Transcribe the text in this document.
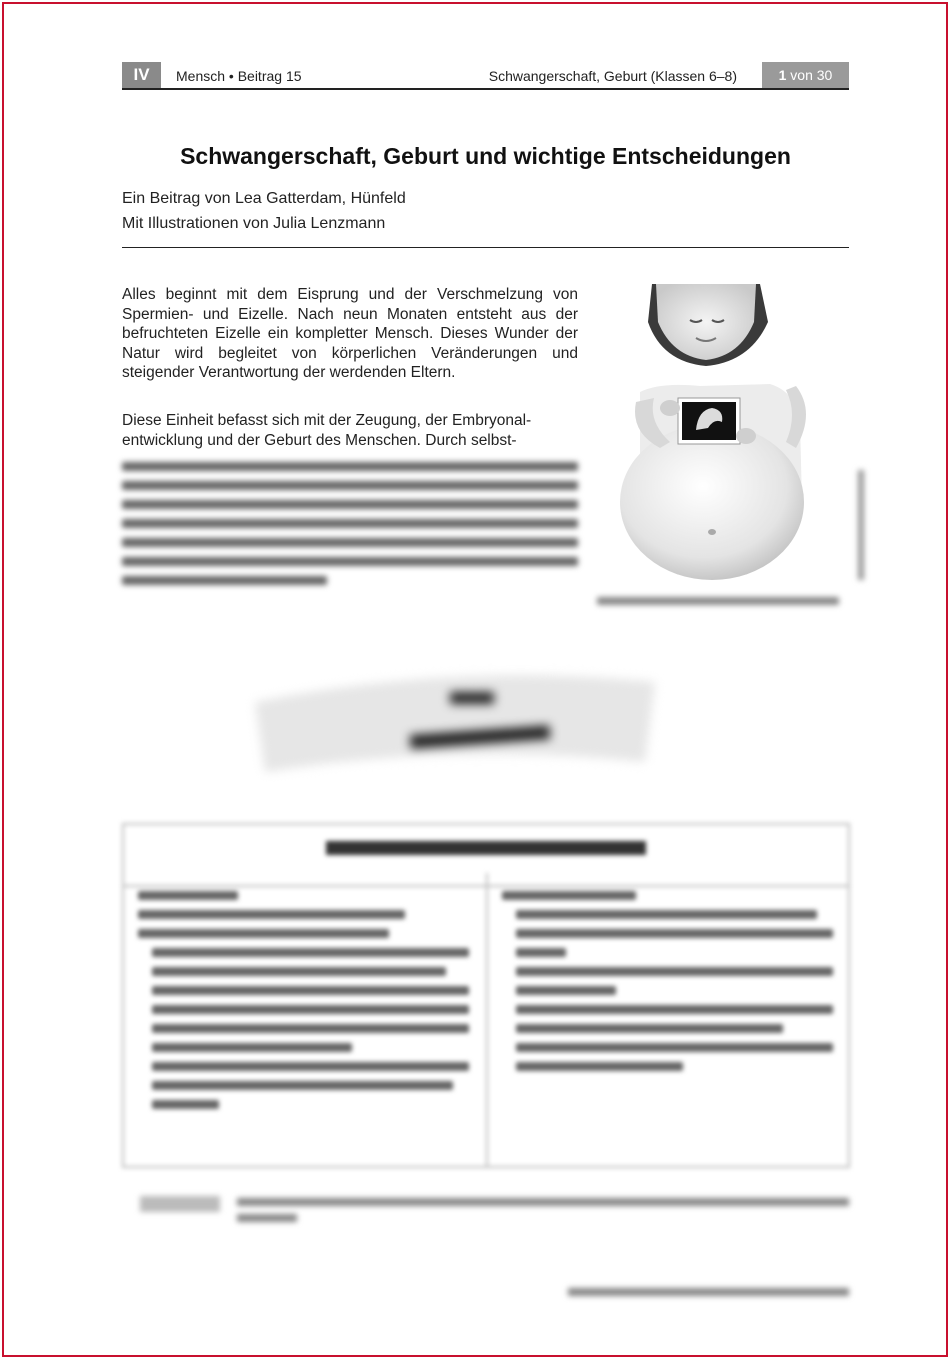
IV	Mensch • Beitrag 15	Schwangerschaft, Geburt (Klassen 6–8)	1 von 30
Schwangerschaft, Geburt und wichtige Entscheidungen
Ein Beitrag von Lea Gatterdam, Hünfeld
Mit Illustrationen von Julia Lenzmann

Alles beginnt mit dem Eisprung und der Verschmelzung von Spermien- und Eizelle. Nach neun Monaten entsteht aus der befruchteten Eizelle ein kompletter Mensch. Dieses Wunder der Natur wird begleitet von körperlichen Veränderungen und steigender Verantwortung der werdenden Eltern.

Diese Einheit befasst sich mit der Zeugung, der Embryonal-
entwicklung und der Geburt des Menschen. Durch selbst-
